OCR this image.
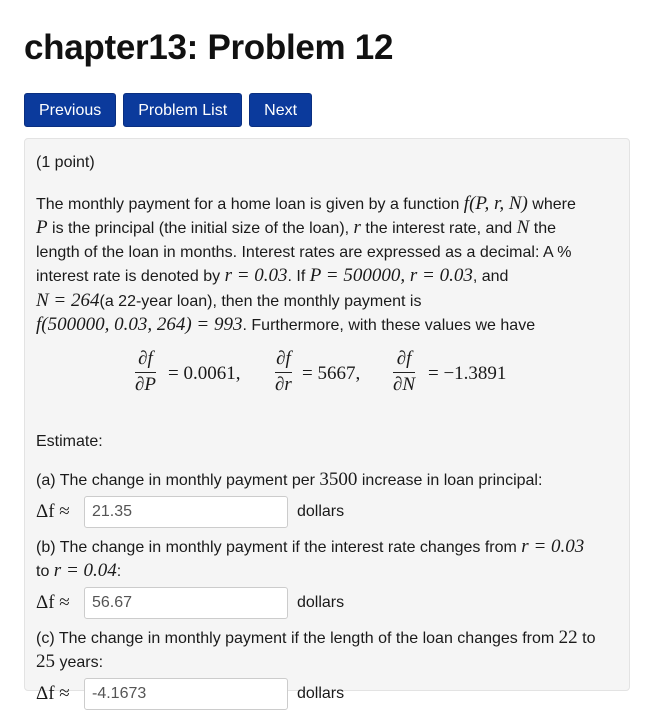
chapter13: Problem 12
Previous	Problem List	Next

(1 point)

The monthly payment for a home loan is given by a function f(P, r, N) where
P is the principal (the initial size of the loan), r the interest rate, and N the
length of the loan in months. Interest rates are expressed as a decimal: A %
interest rate is denoted by r = 0.03. If P = 500000, r = 0.03, and
N = 264(a 22-year loan), then the monthly payment is
f(500000, 0.03, 264) = 993. Furthermore, with these values we have

∂f
∂P
= 0.0061,
∂f
∂r
= 5667,
∂f
∂N
= −1.3891

Estimate:

(a) The change in monthly payment per 3500 increase in loan principal:

Δf ≈
21.35	dollars

(b) The change in monthly payment if the interest rate changes from r = 0.03
to r = 0.04:

Δf ≈
56.67	dollars

(c) The change in monthly payment if the length of the loan changes from 22 to
25 years:

Δf ≈
-4.1673	dollars
